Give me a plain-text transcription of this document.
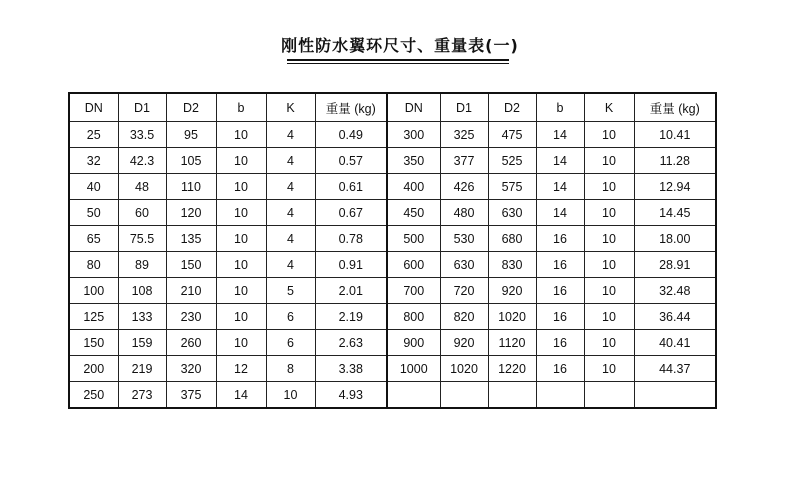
刚性防水翼环尺寸、重量表(一)
DN	D1	D2	b	K	重量 (kg)	DN	D1	D2	b	K	重量 (kg)
25	33.5	95	10	4	0.49	300	325	475	14	10	10.41
32	42.3	105	10	4	0.57	350	377	525	14	10	11.28
40	48	110	10	4	0.61	400	426	575	14	10	12.94
50	60	120	10	4	0.67	450	480	630	14	10	14.45
65	75.5	135	10	4	0.78	500	530	680	16	10	18.00
80	89	150	10	4	0.91	600	630	830	16	10	28.91
100	108	210	10	5	2.01	700	720	920	16	10	32.48
125	133	230	10	6	2.19	800	820	1020	16	10	36.44
150	159	260	10	6	2.63	900	920	1120	16	10	40.41
200	219	320	12	8	3.38	1000	1020	1220	16	10	44.37
250	273	375	14	10	4.93						
